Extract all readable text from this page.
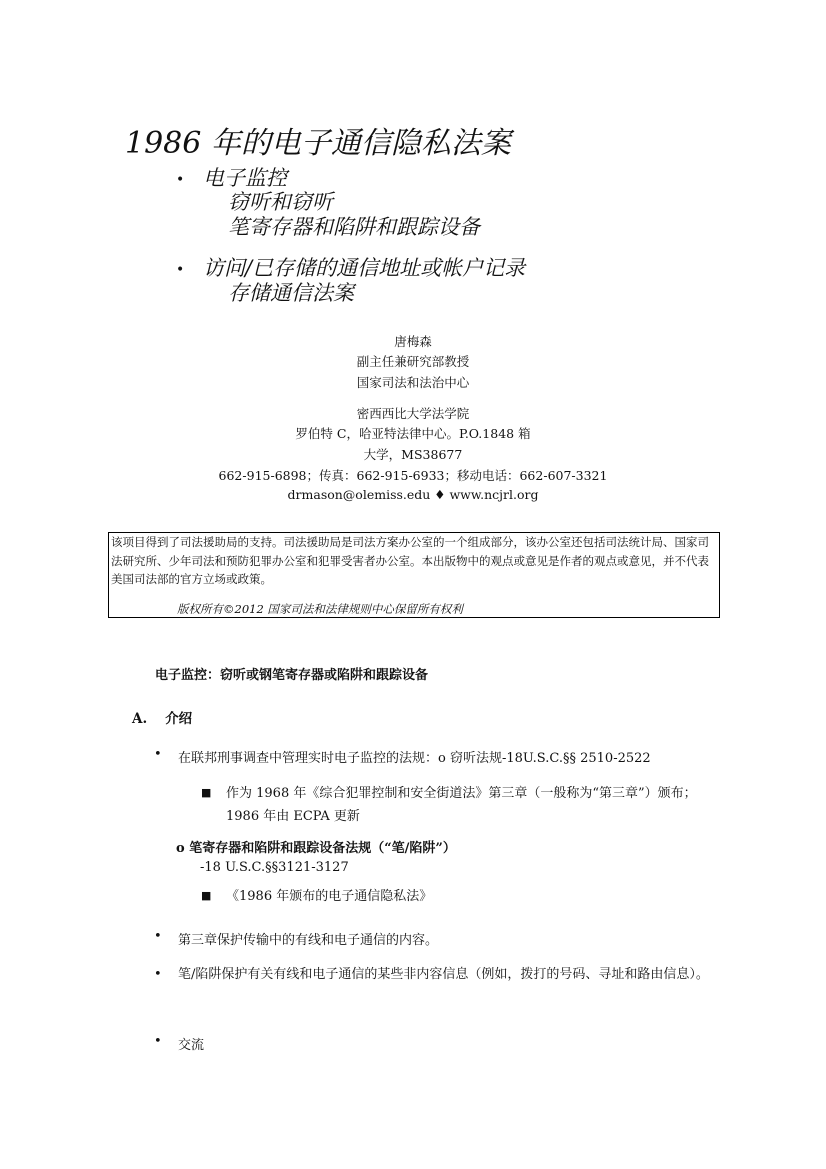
1986 年的电子通信隐私法案
• 电子监控
窃听和窃听
笔寄存器和陷阱和跟踪设备
• 访问/已存储的通信地址或帐户记录
存储通信法案
唐梅森
副主任兼研究部教授
国家司法和法治中心
密西西比大学法学院
罗伯特 C，哈亚特法律中心。P.O.1848 箱
大学，MS38677
662-915-6898；传真：662-915-6933；移动电话：662-607-3321
drmason@olemiss.edu ♦ www.ncjrl.org
该项目得到了司法援助局的支持。司法援助局是司法方案办公室的一个组成部分，该办公室还包括司法统计局、国家司法研究所、少年司法和预防犯罪办公室和犯罪受害者办公室。本出版物中的观点或意见是作者的观点或意见，并不代表美国司法部的官方立场或政策。
版权所有©2012 国家司法和法律规则中心保留所有权利
电子监控：窃听或钢笔寄存器或陷阱和跟踪设备
A. 介绍
• 在联邦刑事调查中管理实时电子监控的法规：o 窃听法规-18U.S.C.§§ 2510-2522
■ 作为 1968 年《综合犯罪控制和安全街道法》第三章（一般称为“第三章”）颁布；
1986 年由 ECPA 更新
o 笔寄存器和陷阱和跟踪设备法规（“笔/陷阱”）
-18 U.S.C.§§3121-3127
■ 《1986 年颁布的电子通信隐私法》
• 第三章保护传输中的有线和电子通信的内容。
• 笔/陷阱保护有关有线和电子通信的某些非内容信息（例如，拨打的号码、寻址和路由信息）。
• 交流
